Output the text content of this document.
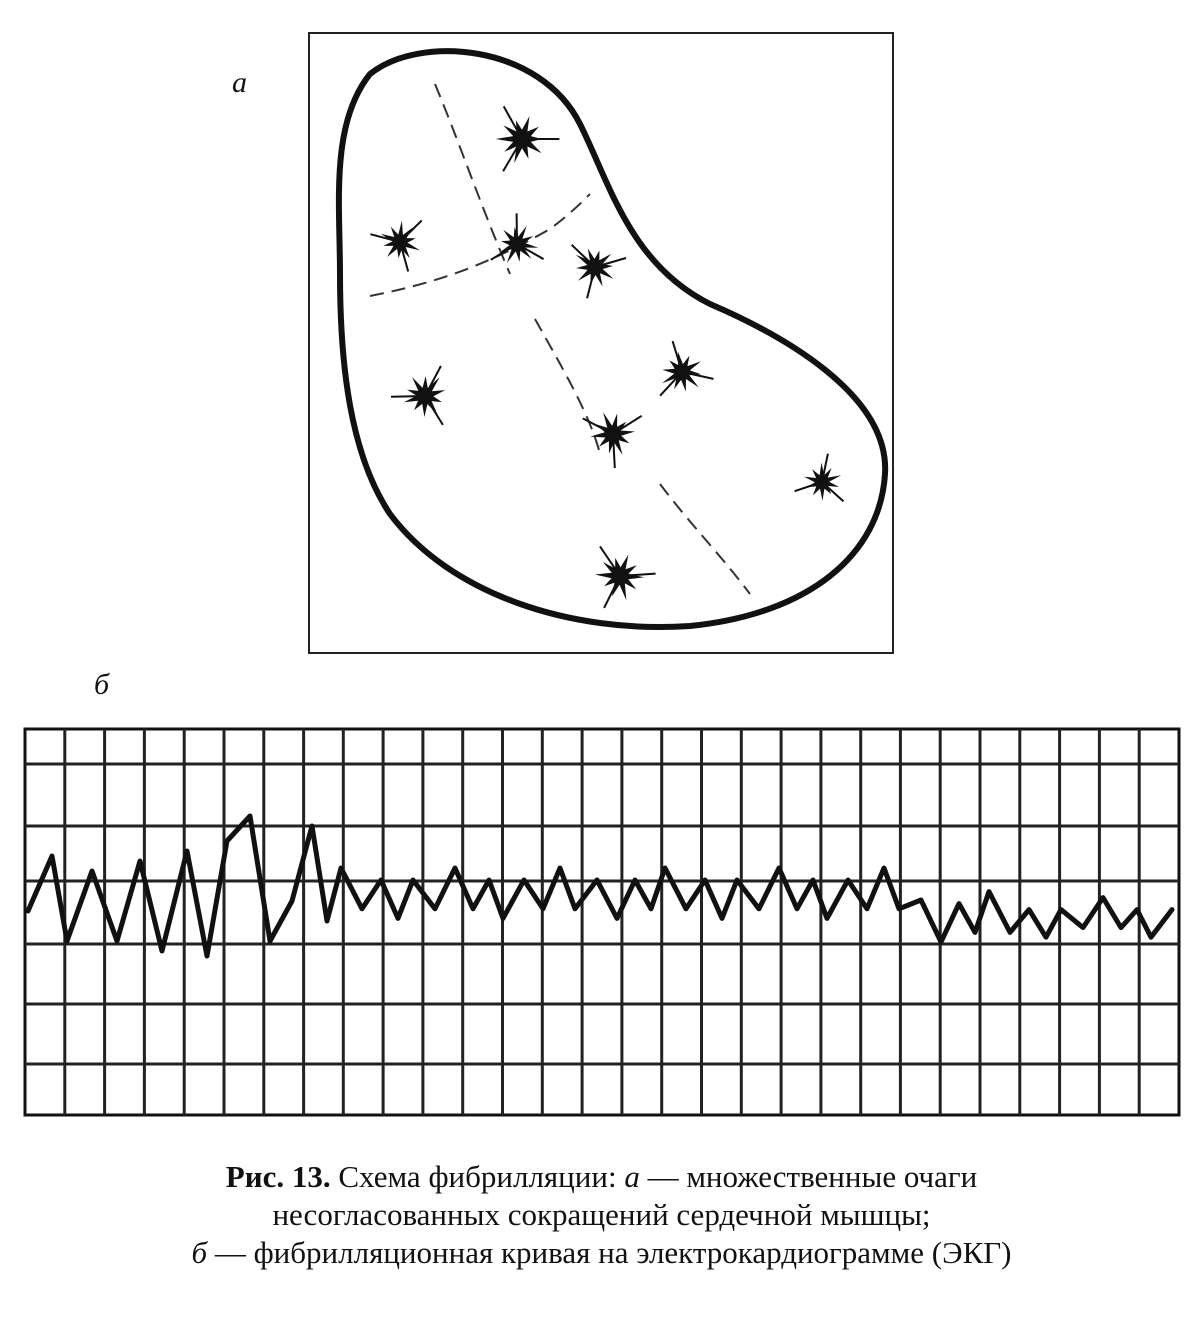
а
б
Рис. 13. Схема фибрилляции: а — множественные очаги
несогласованных сокращений сердечной мышцы;
б — фибрилляционная кривая на электрокардиограмме (ЭКГ)
